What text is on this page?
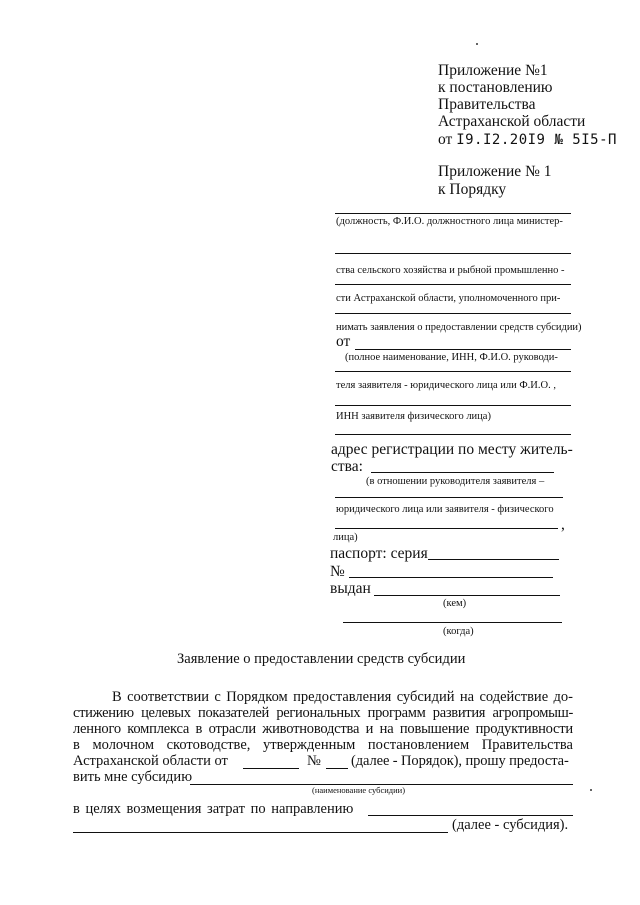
Приложение №1
к постановлению
Правительства
Астраханской области
от I9.I2.20I9 № 5I5-П
Приложение № 1
к Порядку
(должность, Ф.И.О. должностного лица министер-
ства сельского хозяйства и рыбной промышленно -
сти Астраханской области, уполномоченного при-
нимать заявления о предоставлении средств субсидии)
от
(полное наименование, ИНН, Ф.И.О. руководи-
теля заявителя - юридического лица или Ф.И.О. ,
ИНН заявителя физического лица)
адрес регистрации по месту житель-
ства:
(в отношении руководителя заявителя –
юридического лица или заявителя - физического
,
лица)
паспорт: серия
№
выдан
(кем)
(когда)
Заявление о предоставлении средств субсидии
В соответствии с Порядком предоставления субсидий на содействие до-
стижению целевых показателей региональных программ развития агропромыш-
ленного комплекса в отрасли животноводства и на повышение продуктивности
в молочном скотоводстве, утвержденным постановлением Правительства
Астраханской области от	№ (далее - Порядок), прошу предоста-
вить мне субсидию
(наименование субсидии)
в целях возмещения затрат по направлению
(далее - субсидия).
